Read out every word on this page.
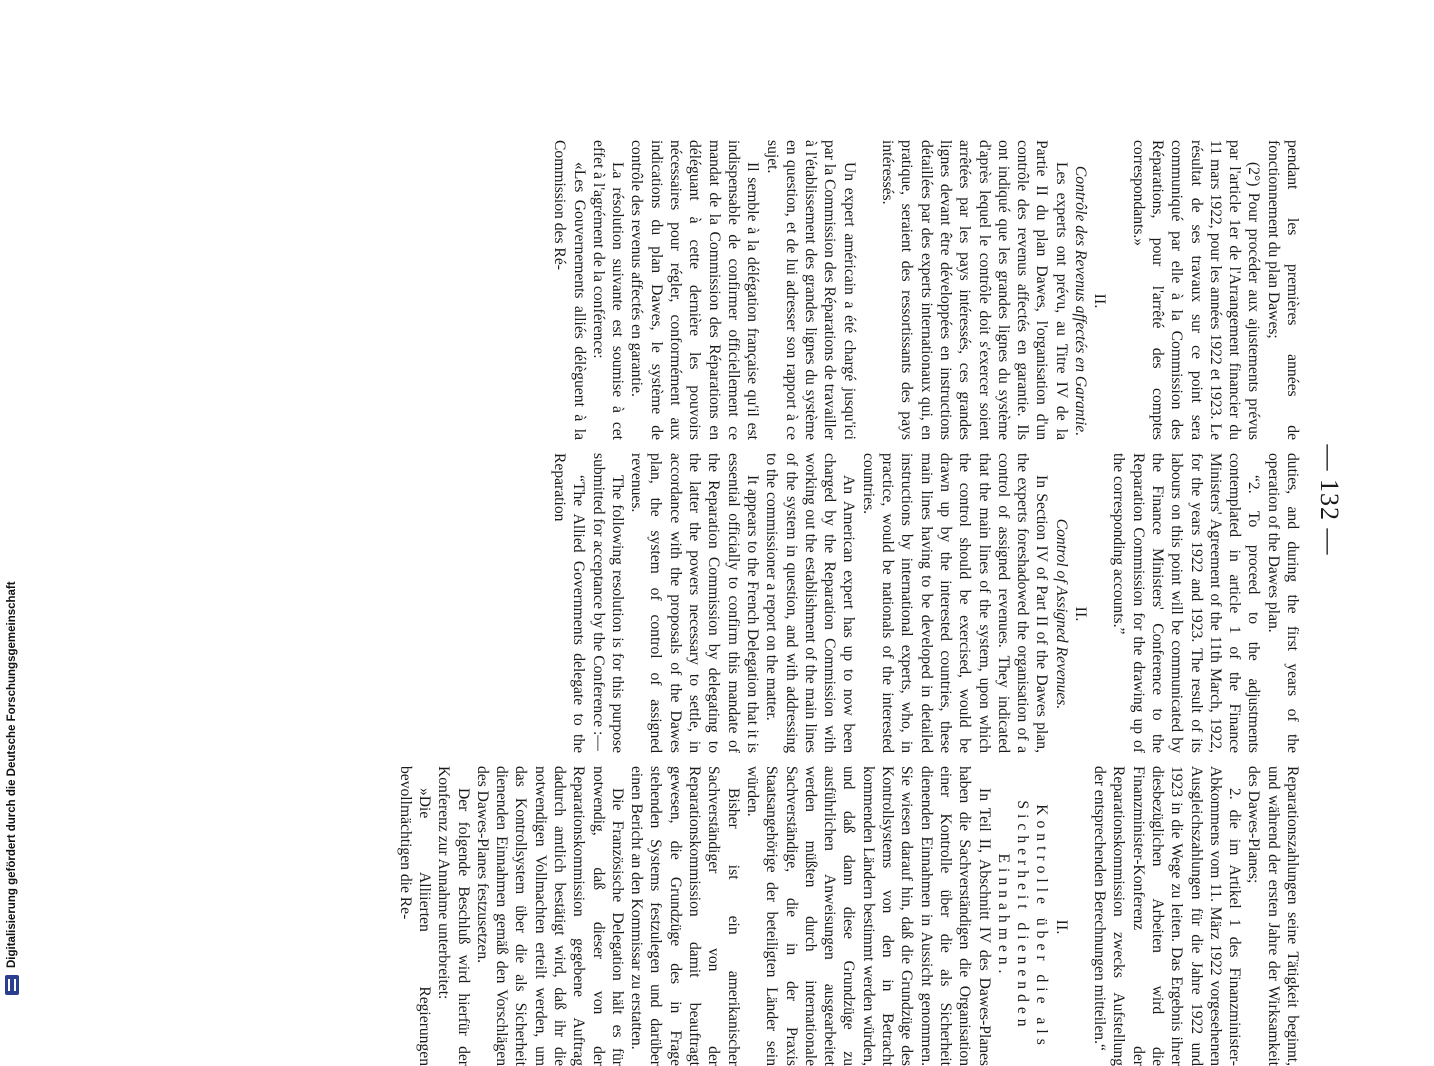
— 132 —

pendant les premières années de fonctionnement du plan Dawes;

(2°) Pour procéder aux ajustements prévus par l'article 1er de l'Arrangement financier du 11 mars 1922, pour les années 1922 et 1923. Le résultat de ses travaux sur ce point sera communiqué par elle à la Commission des Réparations, pour l'arrêté des comptes correspondants.»

II.

Contrôle des Revenus affectés en Garantie.

Les experts ont prévu, au Titre IV de la Partie II du plan Dawes, l'organisation d'un contrôle des revenus affectés en garantie. Ils ont indiqué que les grandes lignes du système d'après lequel le contrôle doit s'exercer soient arrêtées par les pays intéressés, ces grandes lignes devant être développées en instructions détaillées par des experts internationaux qui, en pratique, seraient des ressortissants des pays intéressés.

Un expert américain a été chargé jusqu'ici par la Commission des Réparations de travailler à l'établissement des grandes lignes du système en question, et de lui adresser son rapport à ce sujet.

Il semble à la délégation française qu'il est indispensable de confirmer officiellement ce mandat de la Commission des Réparations en déléguant à cette dernière les pouvoirs nécessaires pour régler, conformément aux indications du plan Dawes, le système de contrôle des revenus affectés en garantie.

La résolution suivante est soumise à cet effet à l'agrément de la conférence:

«Les Gouvernements alliés délèguent à la Commission des Ré-

duties, and during the first years of the operation of the Dawes plan.

“2. To proceed to the adjustments contemplated in article 1 of the Finance Ministers' Agreement of the 11th March, 1922, for the years 1922 and 1923. The result of its labours on this point will be communicated by the Finance Ministers' Conference to the Reparation Commission for the drawing up of the corresponding accounts.”

II.

Control of Assigned Revenues.

In Section IV of Part II of the Dawes plan, the experts foreshadowed the organisation of a control of assigned revenues. They indicated that the main lines of the system, upon which the control should be exercised, would be drawn up by the interested countries, these main lines having to be developed in detailed instructions by international experts, who, in practice, would be nationals of the interested countries.

An American expert has up to now been charged by the Reparation Commission with working out the establishment of the main lines of the system in question, and with addressing to the commissioner a report on the matter.

It appears to the French Delegation that it is essential officially to confirm this mandate of the Reparation Commission by delegating to the latter the powers necessary to settle, in accordance with the proposals of the Dawes plan, the system of control of assigned revenues.

The following resolution is for this purpose submitted for acceptance by the Conference :—

“The Allied Governments delegate to the Reparation

Reparationszahlungen seine Tätigkeit beginnt, und während der ersten Jahre der Wirksamkeit des Dawes-Planes;

2. die im Artikel 1 des Finanzminister-Abkommens vom 11. März 1922 vorgesehenen Ausgleichszahlungen für die Jahre 1922 und 1923 in die Wege zu leiten. Das Ergebnis ihrer diesbezüglichen Arbeiten wird die Finanzminister-Konferenz der Reparationskommission zwecks Aufstellung der entsprechenden Berechnungen mitteilen.“

II.

Kontrolle über die als Sicherheit dienenden Einnahmen.

In Teil II, Abschnitt IV des Dawes-Planes haben die Sachverständigen die Organisation einer Kontrolle über die als Sicherheit dienenden Einnahmen in Aussicht genommen. Sie wiesen darauf hin, daß die Grundzüge des Kontrollsystems von den in Betracht kommenden Ländern bestimmt werden würden, und daß dann diese Grundzüge zu ausführlichen Anweisungen ausgearbeitet werden müßten durch internationale Sachverständige, die in der Praxis Staatsangehörige der beteiligten Länder sein würden.

Bisher ist ein amerikanischer Sachverständiger von der Reparationskommission damit beauftragt gewesen, die Grundzüge des in Frage stehenden Systems festzulegen und darüber einen Bericht an den Kommissar zu erstatten.

Die Französische Delegation hält es für notwendig, daß dieser von der Reparationskommission gegebene Auftrag dadurch amtlich bestätigt wird, daß ihr die notwendigen Vollmachten erteilt werden, um das Kontrollsystem über die als Sicherheit dienenden Einnahmen gemäß den Vorschlägen des Dawes-Planes festzusetzen.

Der folgende Beschluß wird hierfür der Konferenz zur Annahme unterbreitet:

»Die Alliierten Regierungen bevollmächtigen die Re-

Digitalisierung gefördert durch die Deutsche Forschungsgemeinschaft
